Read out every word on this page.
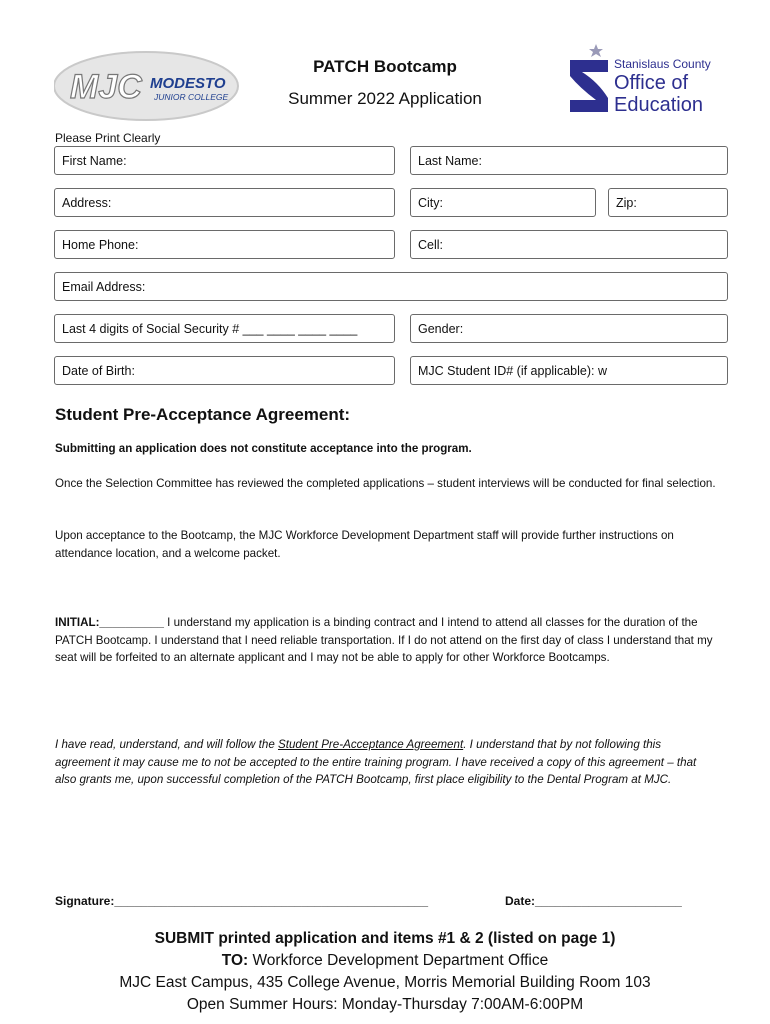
MJC MODESTO
JUNIOR COLLEGE
PATCH Bootcamp
Summer 2022 Application
Stanislaus County
Office of
Education
Please Print Clearly
First Name:	Last Name:
Address:	City:	Zip:
Home Phone:	Cell:
Email Address:
Last 4 digits of Social Security # ___ ____ ____ ____	Gender:
Date of Birth:	MJC Student ID# (if applicable): w
Student Pre-Acceptance Agreement:
Submitting an application does not constitute acceptance into the program.
Once the Selection Committee has reviewed the completed applications – student interviews will be conducted for final selection.
Upon acceptance to the Bootcamp, the MJC Workforce Development Department staff will provide further instructions on attendance location, and a welcome packet.
INITIAL:__________ I understand my application is a binding contract and I intend to attend all classes for the duration of the PATCH Bootcamp. I understand that I need reliable transportation. If I do not attend on the first day of class I understand that my seat will be forfeited to an alternate applicant and I may not be able to apply for other Workforce Bootcamps.
I have read, understand, and will follow the Student Pre-Acceptance Agreement. I understand that by not following this agreement it may cause me to not be accepted to the entire training program. I have received a copy of this agreement – that also grants me, upon successful completion of the PATCH Bootcamp, first place eligibility to the Dental Program at MJC.
Signature:_______________________________________________	Date:______________________
SUBMIT printed application and items #1 & 2 (listed on page 1)
TO: Workforce Development Department Office
MJC East Campus, 435 College Avenue, Morris Memorial Building Room 103
Open Summer Hours: Monday-Thursday 7:00AM-6:00PM
